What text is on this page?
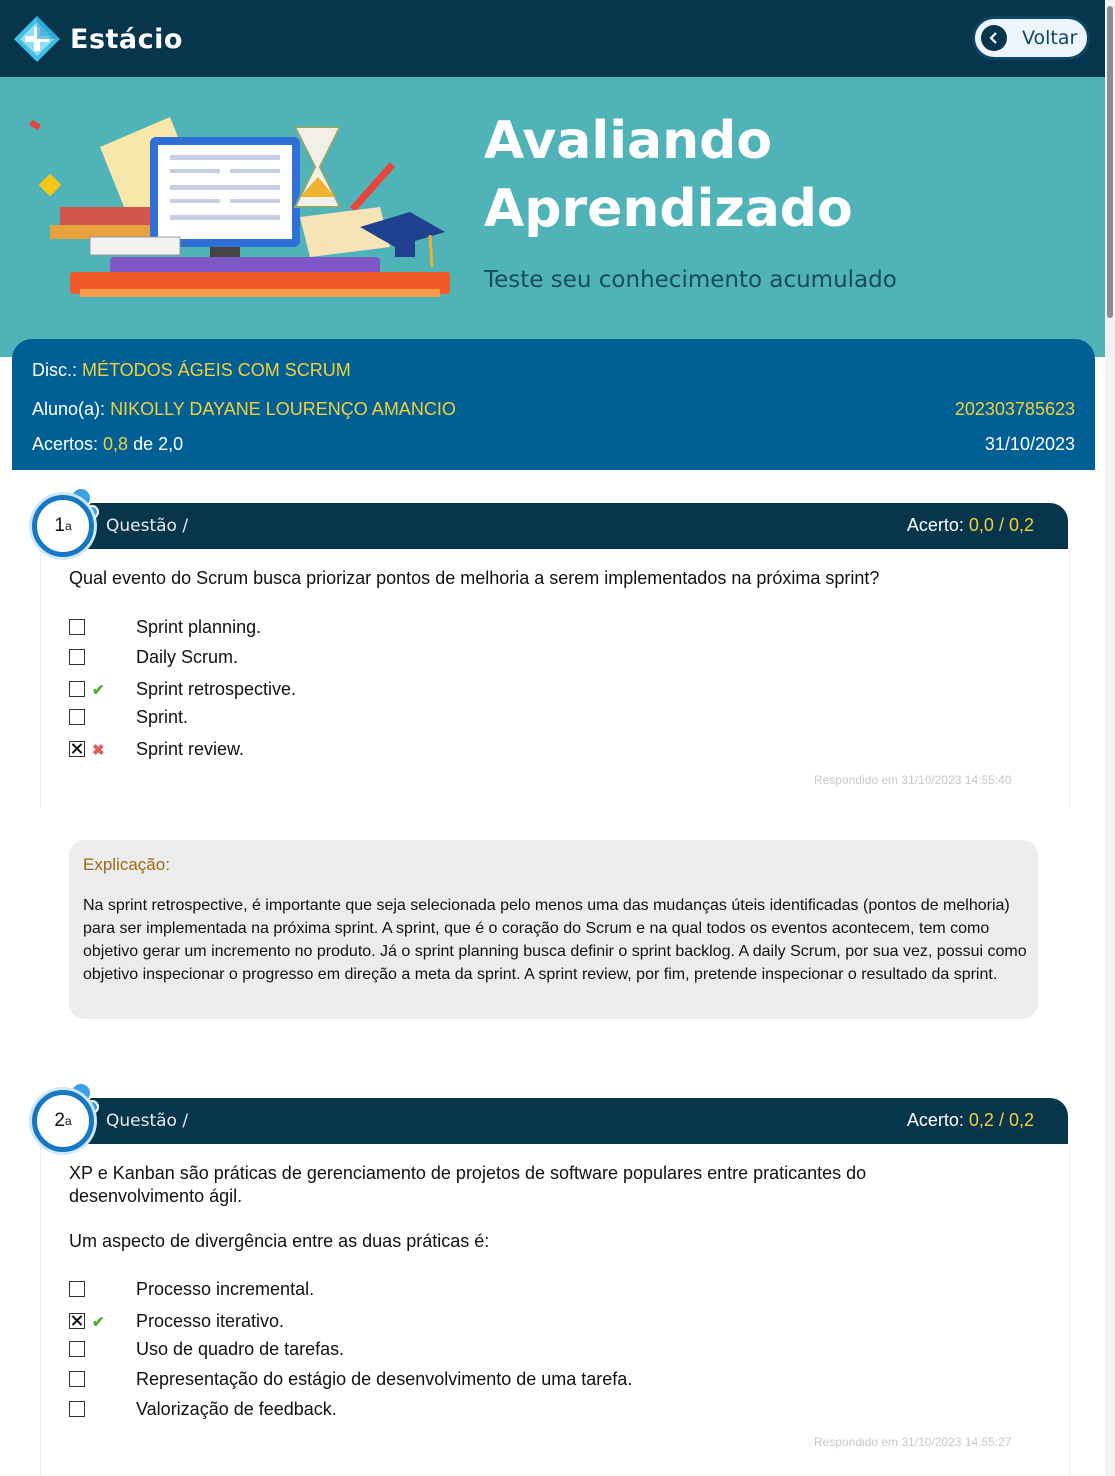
Estácio	Voltar
Avaliando
Aprendizado
Teste seu conhecimento acumulado
Disc.: MÉTODOS ÁGEIS COM SCRUM
Aluno(a): NIKOLLY DAYANE LOURENÇO AMANCIO	202303785623
Acertos: 0,8 de 2,0	31/10/2023
Questão /	Acerto: 0,0 / 0,2
1 a

Qual evento do Scrum busca priorizar pontos de melhoria a serem implementados na próxima sprint?

Sprint planning.
Daily Scrum.
✔ Sprint retrospective.
Sprint.
✖ Sprint review.
Respondido em 31/10/2023 14:55:40
Explicação:

Na sprint retrospective, é importante que seja selecionada pelo menos uma das mudanças úteis identificadas (pontos de melhoria) para ser implementada na próxima sprint. A sprint, que é o coração do Scrum e na qual todos os eventos acontecem, tem como objetivo gerar um incremento no produto. Já o sprint planning busca definir o sprint backlog. A daily Scrum, por sua vez, possui como objetivo inspecionar o progresso em direção a meta da sprint. A sprint review, por fim, pretende inspecionar o resultado da sprint.

Questão /	Acerto: 0,2 / 0,2
2 a

XP e Kanban são práticas de gerenciamento de projetos de software populares entre praticantes do desenvolvimento ágil.

Um aspecto de divergência entre as duas práticas é:

Processo incremental.
✔ Processo iterativo.
Uso de quadro de tarefas.
Representação do estágio de desenvolvimento de uma tarefa.
Valorização de feedback.
Respondido em 31/10/2023 14:55:27
